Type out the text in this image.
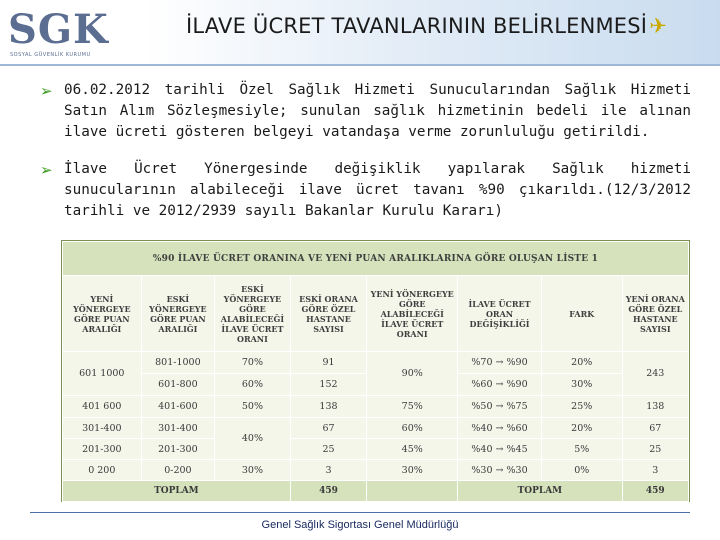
SGK
SOSYAL GÜVENLİK KURUMU
İLAVE ÜCRET TAVANLARININ BELİRLENMESİ✈
➢ 06.02.2012 tarihli Özel Sağlık Hizmeti Sunucularından Sağlık Hizmeti Satın Alım Sözleşmesiyle; sunulan sağlık hizmetinin bedeli ile alınan ilave ücreti gösteren belgeyi vatandaşa verme zorunluluğu getirildi.
➢ İlave Ücret Yönergesinde değişiklik yapılarak Sağlık hizmeti sunucularının alabileceği ilave ücret tavanı %90 çıkarıldı.(12/3/2012 tarihli ve 2012/2939 sayılı Bakanlar Kurulu Kararı)
%90 İLAVE ÜCRET ORANINA VE YENİ PUAN ARALIKLARINA GÖRE OLUŞAN LİSTE 1							
YENİ YÖNERGEYE GÖRE PUAN ARALIĞI	ESKİ YÖNERGEYE GÖRE PUAN ARALIĞI	ESKİ YÖNERGEYE GÖRE ALABİLECEĞİ İLAVE ÜCRET ORANI	ESKİ ORANA GÖRE ÖZEL HASTANE SAYISI	YENİ YÖNERGEYE GÖRE ALABİLECEĞİ İLAVE ÜCRET ORANI	İLAVE ÜCRET ORAN DEĞİŞİKLİĞİ	FARK	YENİ ORANA GÖRE ÖZEL HASTANE SAYISI
601 1000	801-1000	70%	91	90%	%70 → %90	20%	243
	601-800	60%	152		%60 → %90	30%	
401 600	401-600	50%	138	75%	%50 → %75	25%	138
301-400	301-400	40%	67	60%	%40 → %60	20%	67
201-300	201-300		25	45%	%40 → %45	5%	25
0 200	0-200	30%	3	30%	%30 → %30	0%	3
TOPLAM			459		TOPLAM		459
Genel Sağlık Sigortası Genel Müdürlüğü
